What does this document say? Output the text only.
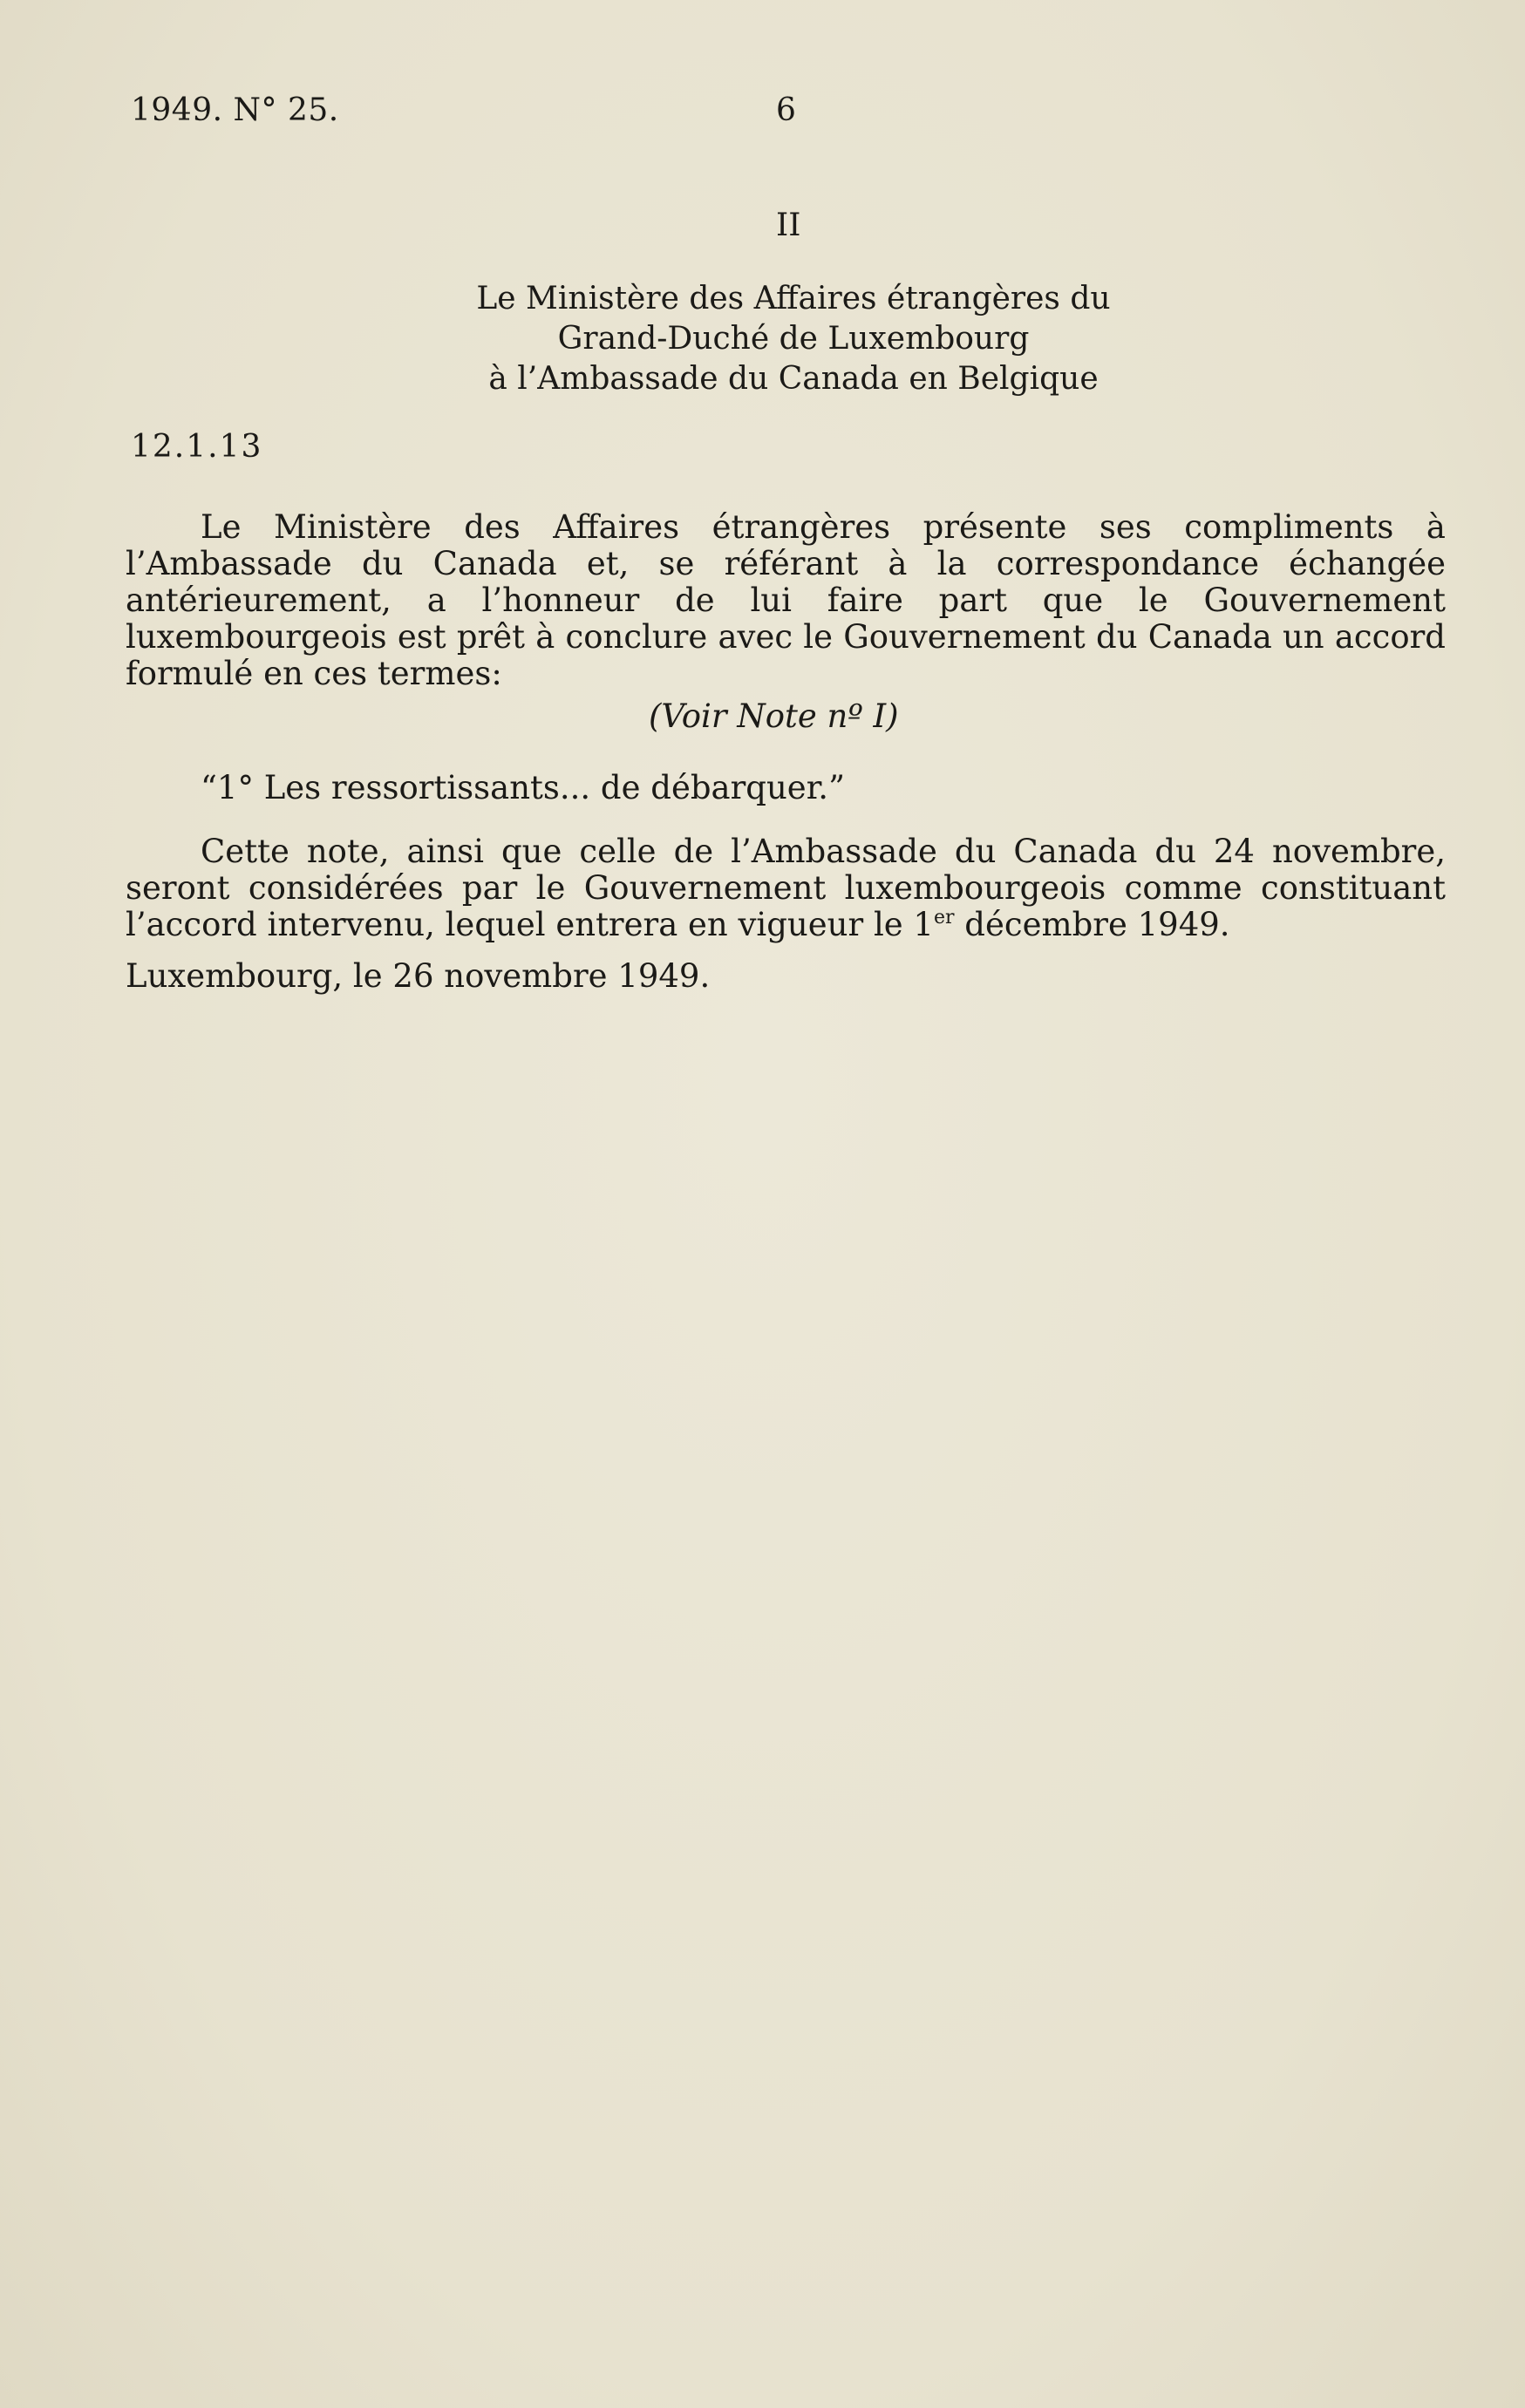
1949. N° 25.	6
II
Le Ministère des Affaires étrangères du
Grand-Duché de Luxembourg
à l’Ambassade du Canada en Belgique
12.1.13

Le Ministère des Affaires étrangères présente ses compliments à l’Ambassade du Canada et, se référant à la correspondance échangée antérieurement, a l’honneur de lui faire part que le Gouvernement luxembourgeois est prêt à conclure avec le Gouvernement du Canada un accord formulé en ces termes:

(Voir Note nº I)
“1° Les ressortissants... de débarquer.”

Cette note, ainsi que celle de l’Ambassade du Canada du 24 novembre, seront considérées par le Gouvernement luxembourgeois comme constituant l’accord intervenu, lequel entrera en vigueur le 1er décembre 1949.

Luxembourg, le 26 novembre 1949.
